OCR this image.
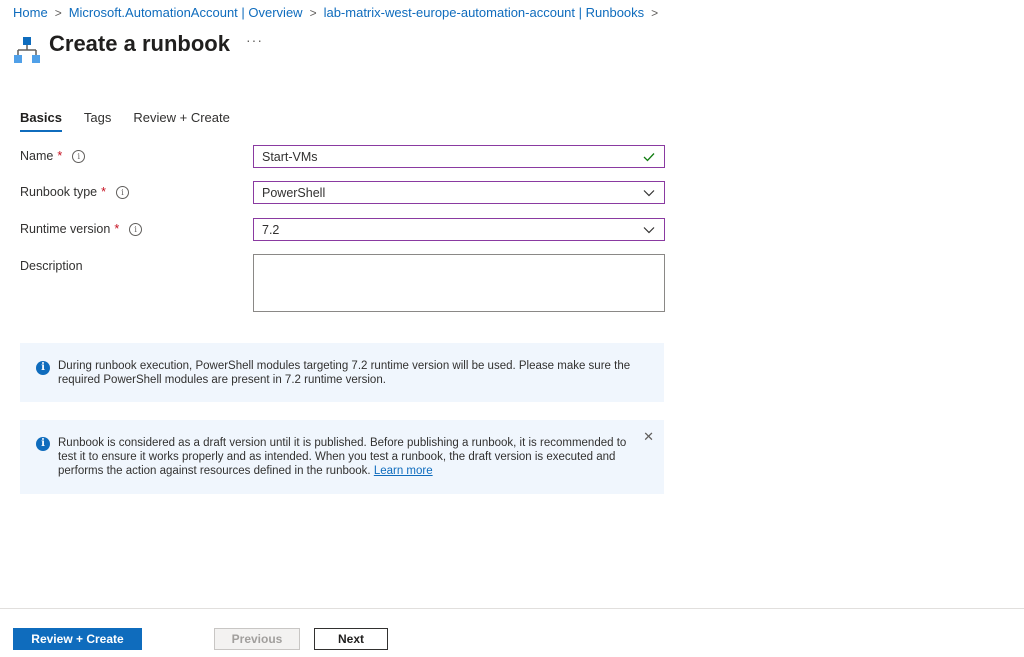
Home > Microsoft.AutomationAccount | Overview > lab-matrix-west-europe-automation-account | Runbooks >
Create a runbook ···
Basics Tags Review + Create
Name *	i	Start-VMs
Runbook type *	i	PowerShell
Runtime version *	i	7.2
Description
i	During runbook execution, PowerShell modules targeting 7.2 runtime version will be used. Please make sure the required PowerShell modules are present in 7.2 runtime version.
i	Runbook is considered as a draft version until it is published. Before publishing a runbook, it is recommended to test it to ensure it works properly and as intended. When you test a runbook, the draft version is executed and performs the action against resources defined in the runbook. Learn more
✕
Review + Create	Previous	Next
